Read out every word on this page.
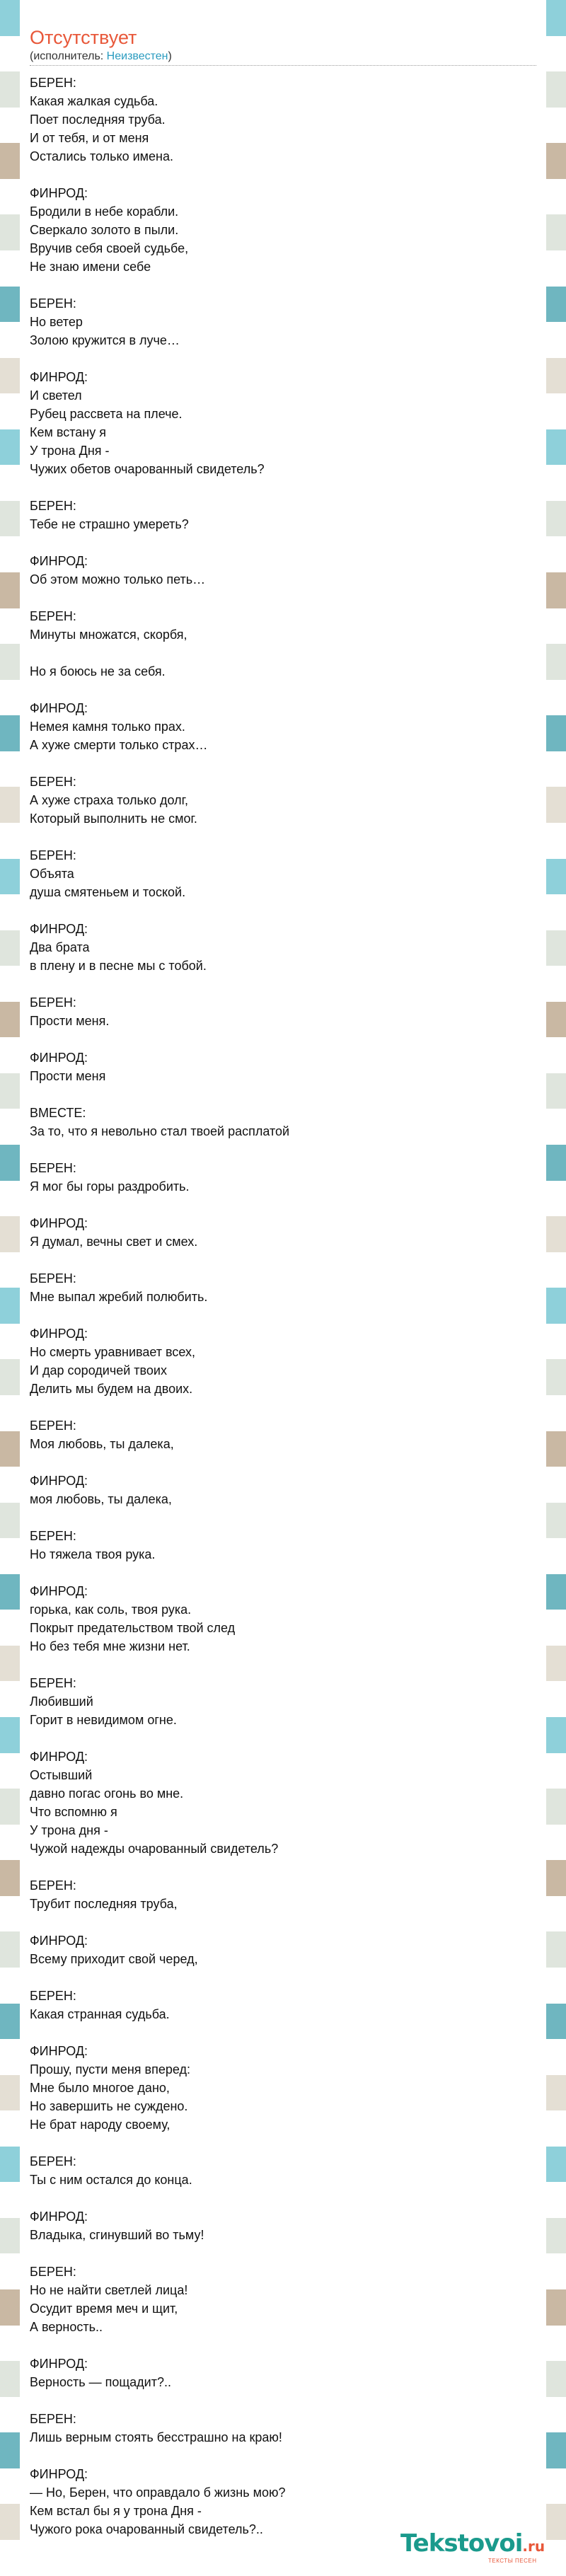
Отсутствует
(исполнитель: Неизвестен)
БЕРЕН:
Какая жалкая судьба.
Поет последняя труба.
И от тебя, и от меня
Остались только имена.
ФИНРОД:
Бродили в небе корабли.
Сверкало золото в пыли.
Вручив себя своей судьбе,
Не знаю имени себе
БЕРЕН:
Но ветер
Золою кружится в луче…
ФИНРОД:
И светел
Рубец рассвета на плече.
Кем встану я
У трона Дня -
Чужих обетов очарованный свидетель?
БЕРЕН:
Тебе не страшно умереть?
ФИНРОД:
Об этом можно только петь…
БЕРЕН:
Минуты множатся, скорбя,
Но я боюсь не за себя.
ФИНРОД:
Немея камня только прах.
А хуже смерти только страх…
БЕРЕН:
А хуже страха только долг,
Который выполнить не смог.
БЕРЕН:
Объята
душа смятеньем и тоской.
ФИНРОД:
Два брата
в плену и в песне мы с тобой.
БЕРЕН:
Прости меня.
ФИНРОД:
Прости меня
ВМЕСТЕ:
За то, что я невольно стал твоей расплатой
БЕРЕН:
Я мог бы горы раздробить.
ФИНРОД:
Я думал, вечны свет и смех.
БЕРЕН:
Мне выпал жребий полюбить.
ФИНРОД:
Но смерть уравнивает всех,
И дар сородичей твоих
Делить мы будем на двоих.
БЕРЕН:
Моя любовь, ты далека,
ФИНРОД:
моя любовь, ты далека,
БЕРЕН:
Но тяжела твоя рука.
ФИНРОД:
горька, как соль, твоя рука.
Покрыт предательством твой след
Но без тебя мне жизни нет.
БЕРЕН:
Любивший
Горит в невидимом огне.
ФИНРОД:
Остывший
давно погас огонь во мне.
Что вспомню я
У трона дня -
Чужой надежды очарованный свидетель?
БЕРЕН:
Трубит последняя труба,
ФИНРОД:
Всему приходит свой черед,
БЕРЕН:
Какая странная судьба.
ФИНРОД:
Прошу, пусти меня вперед:
Мне было многое дано,
Но завершить не суждено.
Не брат народу своему,
БЕРЕН:
Ты с ним остался до конца.
ФИНРОД:
Владыка, сгинувший во тьму!
БЕРЕН:
Но не найти светлей лица!
Осудит время меч и щит,
А верность..
ФИНРОД:
Верность — пощадит?..
БЕРЕН:
Лишь верным стоять бесстрашно на краю!
ФИНРОД:
— Но, Берен, что оправдало б жизнь мою?
Кем встал бы я у трона Дня -
Чужого рока очарованный свидетель?..	Tekstovoi.ru
ТЕКСТЫ ПЕСЕН
